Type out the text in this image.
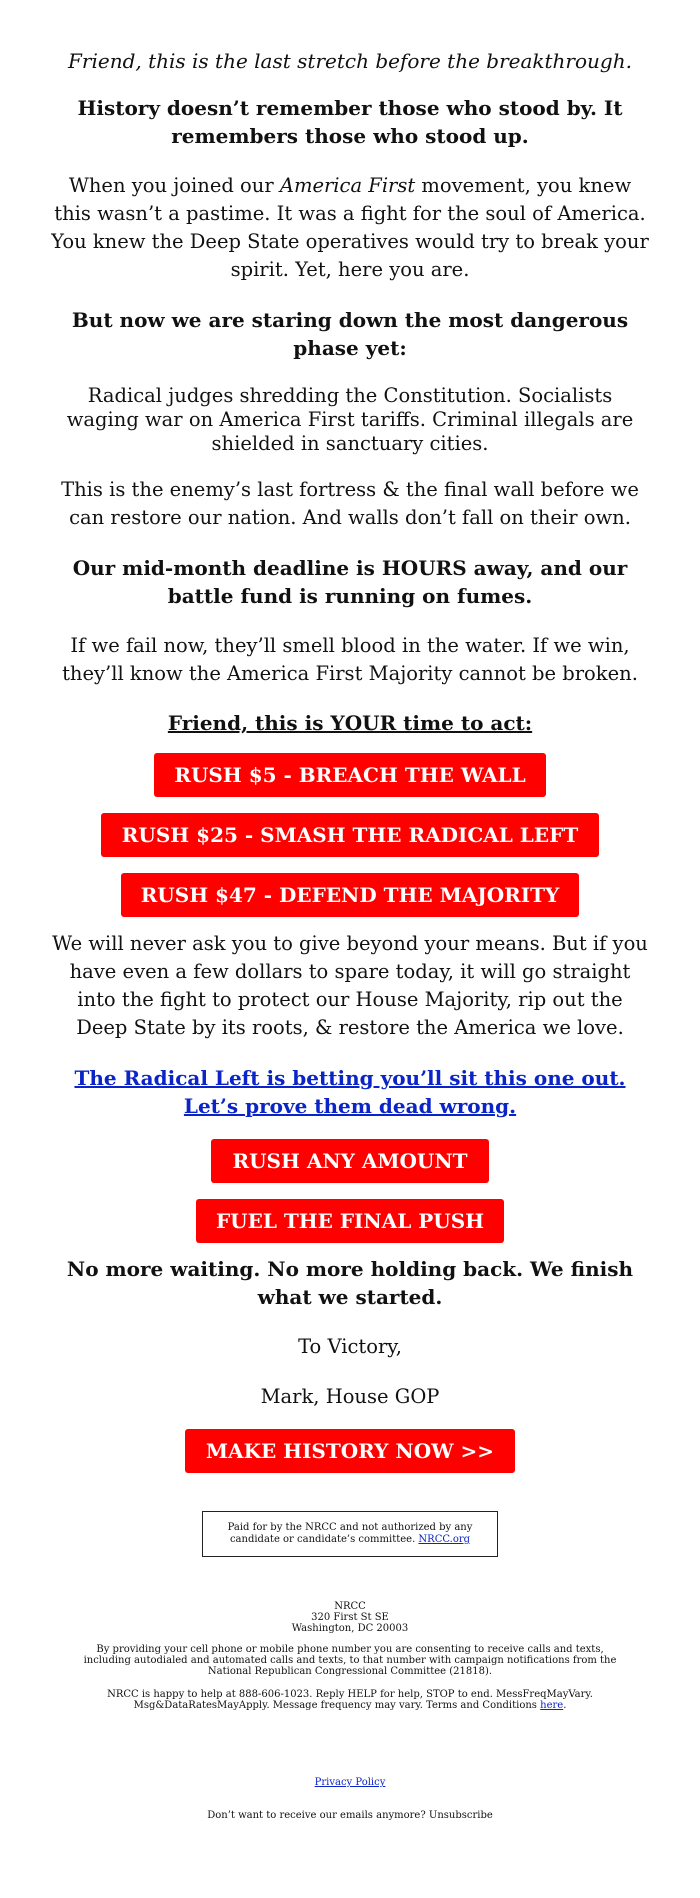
Friend, this is the last stretch before the breakthrough.

History doesn’t remember those who stood by. It remembers those who stood up.

When you joined our America First movement, you knew this wasn’t a pastime. It was a fight for the soul of America. You knew the Deep State operatives would try to break your spirit. Yet, here you are.

But now we are staring down the most dangerous phase yet:

Radical judges shredding the Constitution. Socialists waging war on America First tariffs. Criminal illegals are shielded in sanctuary cities.

This is the enemy’s last fortress & the final wall before we can restore our nation. And walls don’t fall on their own.

Our mid-month deadline is HOURS away, and our battle fund is running on fumes.

If we fail now, they’ll smell blood in the water. If we win, they’ll know the America First Majority cannot be broken.

Friend, this is YOUR time to act:

RUSH $5 - BREACH THE WALL
RUSH $25 - SMASH THE RADICAL LEFT
RUSH $47 - DEFEND THE MAJORITY

We will never ask you to give beyond your means. But if you have even a few dollars to spare today, it will go straight into the fight to protect our House Majority, rip out the Deep State by its roots, & restore the America we love.

The Radical Left is betting you’ll sit this one out. Let’s prove them dead wrong.

RUSH ANY AMOUNT
FUEL THE FINAL PUSH

No more waiting. No more holding back. We finish what we started.

To Victory,

Mark, House GOP

MAKE HISTORY NOW >>
Paid for by the NRCC and not authorized by any candidate or candidate’s committee. NRCC.org

NRCC

320 First St SE

Washington, DC 20003

By providing your cell phone or mobile phone number you are consenting to receive calls and texts, including autodialed and automated calls and texts, to that number with campaign notifications from the National Republican Congressional Committee (21818).

NRCC is happy to help at 888-606-1023. Reply HELP for help, STOP to end. MessFreqMayVary. Msg&DataRatesMayApply. Message frequency may vary. Terms and Conditions here.

Privacy Policy

Don’t want to receive our emails anymore? Unsubscribe
